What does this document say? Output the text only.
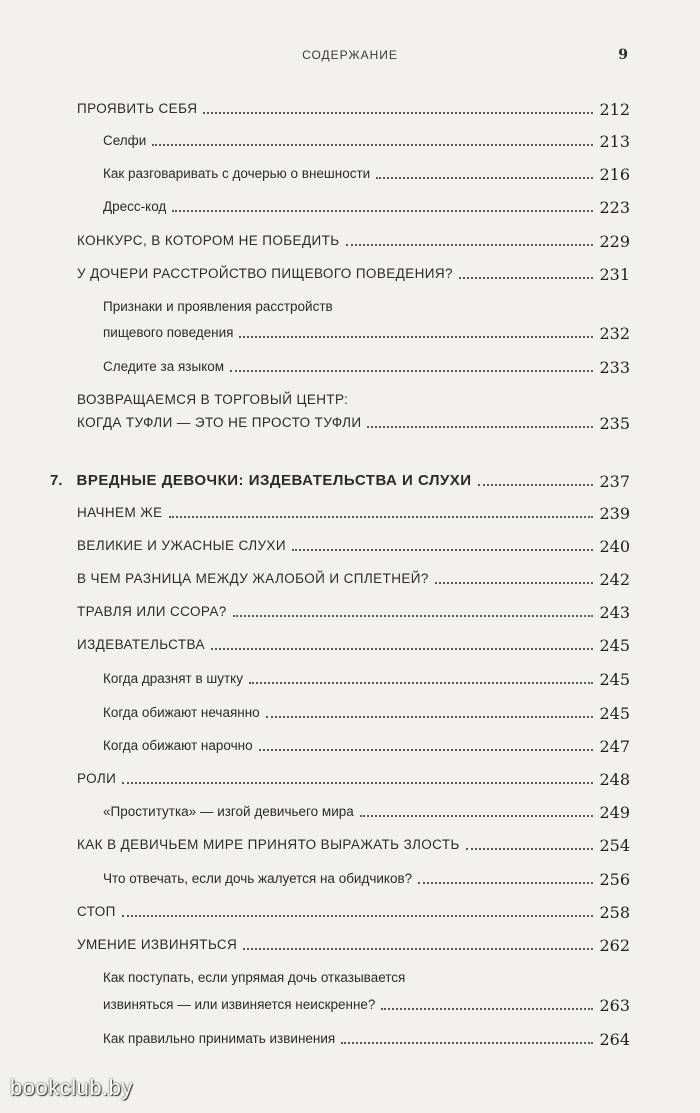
СОДЕРЖАНИЕ	9
ПРОЯВИТЬ СЕБЯ	212
Селфи	213
Как разговаривать с дочерью о внешности	216
Дресс-код	223
КОНКУРС, В КОТОРОМ НЕ ПОБЕДИТЬ	229
У ДОЧЕРИ РАССТРОЙСТВО ПИЩЕВОГО ПОВЕДЕНИЯ?	231
Признаки и проявления расстройств
пищевого поведения	232
Следите за языком	233
ВОЗВРАЩАЕМСЯ В ТОРГОВЫЙ ЦЕНТР:
КОГДА ТУФЛИ — ЭТО НЕ ПРОСТО ТУФЛИ	235
7. ВРЕДНЫЕ ДЕВОЧКИ: ИЗДЕВАТЕЛЬСТВА И СЛУХИ	237
НАЧНЕМ ЖЕ	239
ВЕЛИКИЕ И УЖАСНЫЕ СЛУХИ	240
В ЧЕМ РАЗНИЦА МЕЖДУ ЖАЛОБОЙ И СПЛЕТНЕЙ?	242
ТРАВЛЯ ИЛИ ССОРА?	243
ИЗДЕВАТЕЛЬСТВА	245
Когда дразнят в шутку	245
Когда обижают нечаянно	245
Когда обижают нарочно	247
РОЛИ	248
«Проститутка» — изгой девичьего мира	249
КАК В ДЕВИЧЬЕМ МИРЕ ПРИНЯТО ВЫРАЖАТЬ ЗЛОСТЬ	254
Что отвечать, если дочь жалуется на обидчиков?	256
СТОП	258
УМЕНИЕ ИЗВИНЯТЬСЯ	262
Как поступать, если упрямая дочь отказывается
извиняться — или извиняется неискренне?	263
Как правильно принимать извинения	264
bookclub.by
